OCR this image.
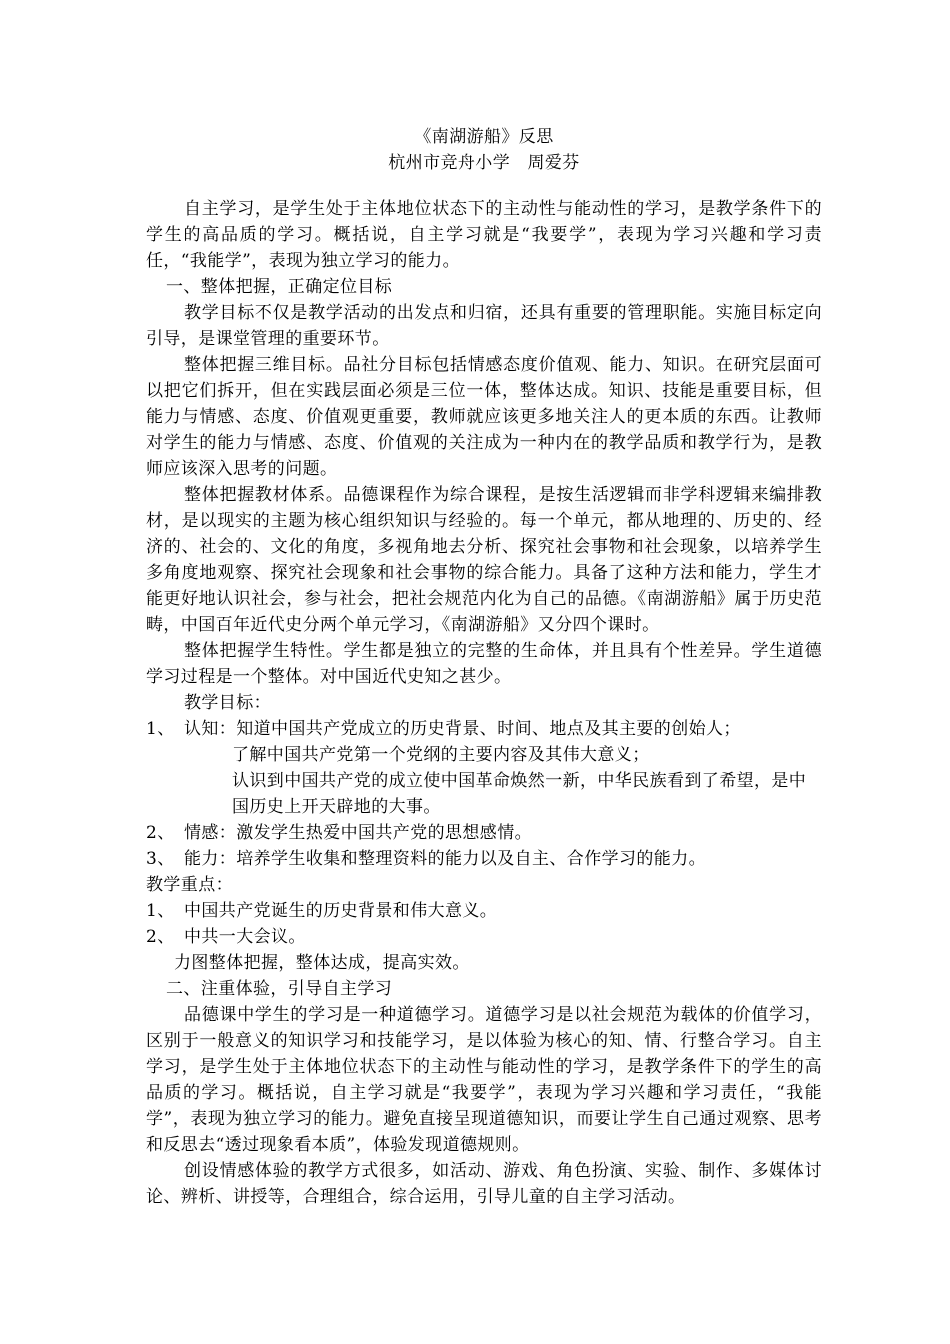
《南湖游船》反思
杭州市竞舟小学　周爱芬

自主学习，是学生处于主体地位状态下的主动性与能动性的学习，是教学条件下的学生的高品质的学习。概括说，自主学习就是“我要学”，表现为学习兴趣和学习责任，“我能学”，表现为独立学习的能力。

一、整体把握，正确定位目标

教学目标不仅是教学活动的出发点和归宿，还具有重要的管理职能。实施目标定向引导，是课堂管理的重要环节。

整体把握三维目标。品社分目标包括情感态度价值观、能力、知识。在研究层面可以把它们拆开，但在实践层面必须是三位一体，整体达成。知识、技能是重要目标，但能力与情感、态度、价值观更重要，教师就应该更多地关注人的更本质的东西。让教师对学生的能力与情感、态度、价值观的关注成为一种内在的教学品质和教学行为，是教师应该深入思考的问题。

整体把握教材体系。品德课程作为综合课程，是按生活逻辑而非学科逻辑来编排教材，是以现实的主题为核心组织知识与经验的。每一个单元，都从地理的、历史的、经济的、社会的、文化的角度，多视角地去分析、探究社会事物和社会现象，以培养学生多角度地观察、探究社会现象和社会事物的综合能力。具备了这种方法和能力，学生才能更好地认识社会，参与社会，把社会规范内化为自己的品德。《南湖游船》属于历史范畴，中国百年近代史分两个单元学习，《南湖游船》又分四个课时。

整体把握学生特性。学生都是独立的完整的生命体，并且具有个性差异。学生道德学习过程是一个整体。对中国近代史知之甚少。

教学目标：

1、 认知：知道中国共产党成立的历史背景、时间、地点及其主要的创始人；

了解中国共产党第一个党纲的主要内容及其伟大意义；

认识到中国共产党的成立使中国革命焕然一新，中华民族看到了希望，是中国历史上开天辟地的大事。

2、 情感：激发学生热爱中国共产党的思想感情。
3、 能力：培养学生收集和整理资料的能力以及自主、合作学习的能力。

教学重点：

1、 中国共产党诞生的历史背景和伟大意义。
2、 中共一大会议。

力图整体把握，整体达成，提高实效。

二、注重体验，引导自主学习

品德课中学生的学习是一种道德学习。道德学习是以社会规范为载体的价值学习，区别于一般意义的知识学习和技能学习，是以体验为核心的知、情、行整合学习。自主学习，是学生处于主体地位状态下的主动性与能动性的学习，是教学条件下的学生的高品质的学习。概括说，自主学习就是“我要学”，表现为学习兴趣和学习责任，“我能学”，表现为独立学习的能力。避免直接呈现道德知识，而要让学生自己通过观察、思考和反思去“透过现象看本质”，体验发现道德规则。

创设情感体验的教学方式很多，如活动、游戏、角色扮演、实验、制作、多媒体讨论、辨析、讲授等，合理组合，综合运用，引导儿童的自主学习活动。
